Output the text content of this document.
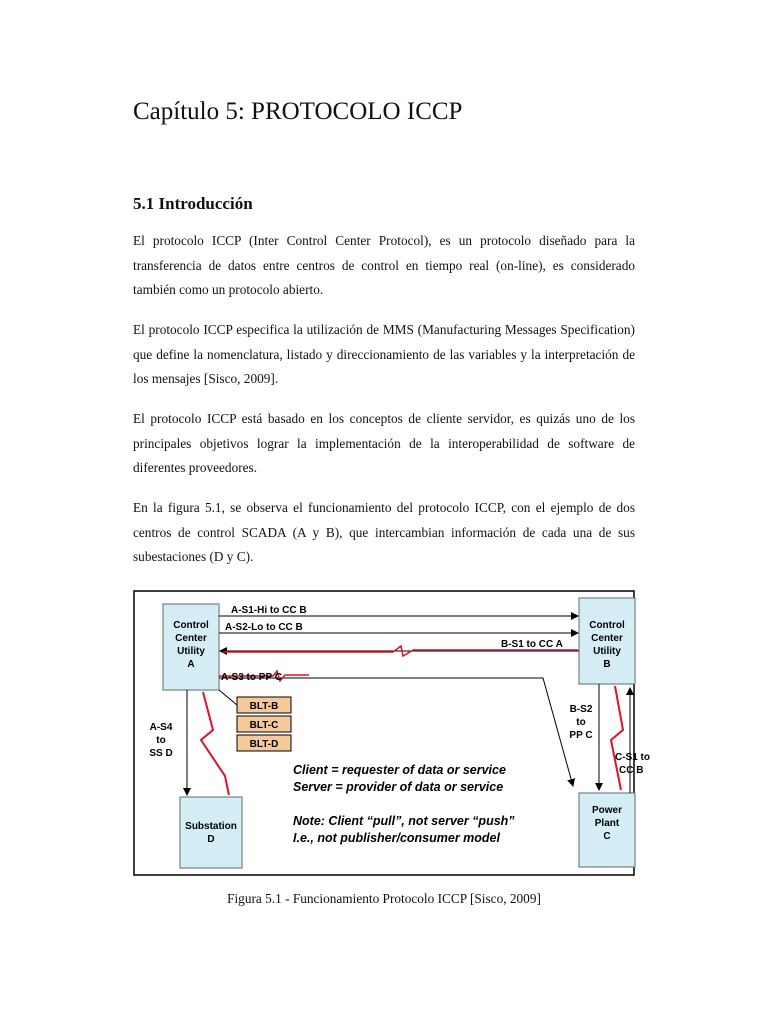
Capítulo 5: PROTOCOLO ICCP
5.1 Introducción

El protocolo ICCP (Inter Control Center Protocol), es un protocolo diseñado para la transferencia de datos entre centros de control en tiempo real (on-line), es considerado también como un protocolo abierto.

El protocolo ICCP especifica la utilización de MMS (Manufacturing Messages Specification) que define la nomenclatura, listado y direccionamiento de las variables y la interpretación de los mensajes [Sisco, 2009].

El protocolo ICCP está basado en los conceptos de cliente servidor, es quizás uno de los principales objetivos lograr la implementación de la interoperabilidad de software de diferentes proveedores.

En la figura 5.1, se observa el funcionamiento del protocolo ICCP, con el ejemplo de dos centros de control SCADA (A y B), que intercambian información de cada una de sus subestaciones (D y C).

Control
Center
Utility
A
Control
Center
Utility
B
Substation
D
Power
Plant
C
A-S1-Hi to CC B
A-S2-Lo to CC B
B-S1 to CC A
A-S3 to PP C
BLT-B
BLT-C
BLT-D
A-S4
to
SS D
B-S2
to
PP C
C-S1 to
CC B
Client = requester of data or service
Server = provider of data or service
Note: Client “pull”, not server “push”
I.e., not publisher/consumer model

Figura 5.1 - Funcionamiento Protocolo ICCP [Sisco, 2009]
